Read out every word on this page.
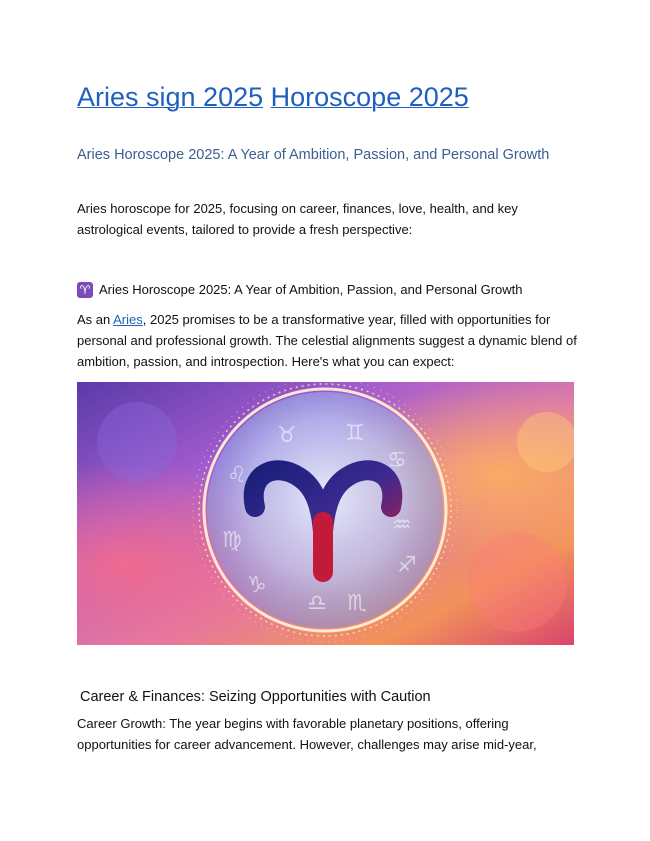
Aries sign 2025 Horoscope 2025
Aries Horoscope 2025: A Year of Ambition, Passion, and Personal Growth
Aries horoscope for 2025, focusing on career, finances, love, health, and key astrological events, tailored to provide a fresh perspective:
♈ Aries Horoscope 2025: A Year of Ambition, Passion, and Personal Growth
As an Aries, 2025 promises to be a transformative year, filled with opportunities for personal and professional growth. The celestial alignments suggest a dynamic blend of ambition, passion, and introspection. Here's what you can expect:
♉ ♊
♋
♌
♍
♐
♎ ♏
♑
♒
Career & Finances: Seizing Opportunities with Caution
Career Growth: The year begins with favorable planetary positions, offering opportunities for career advancement. However, challenges may arise mid-year,
